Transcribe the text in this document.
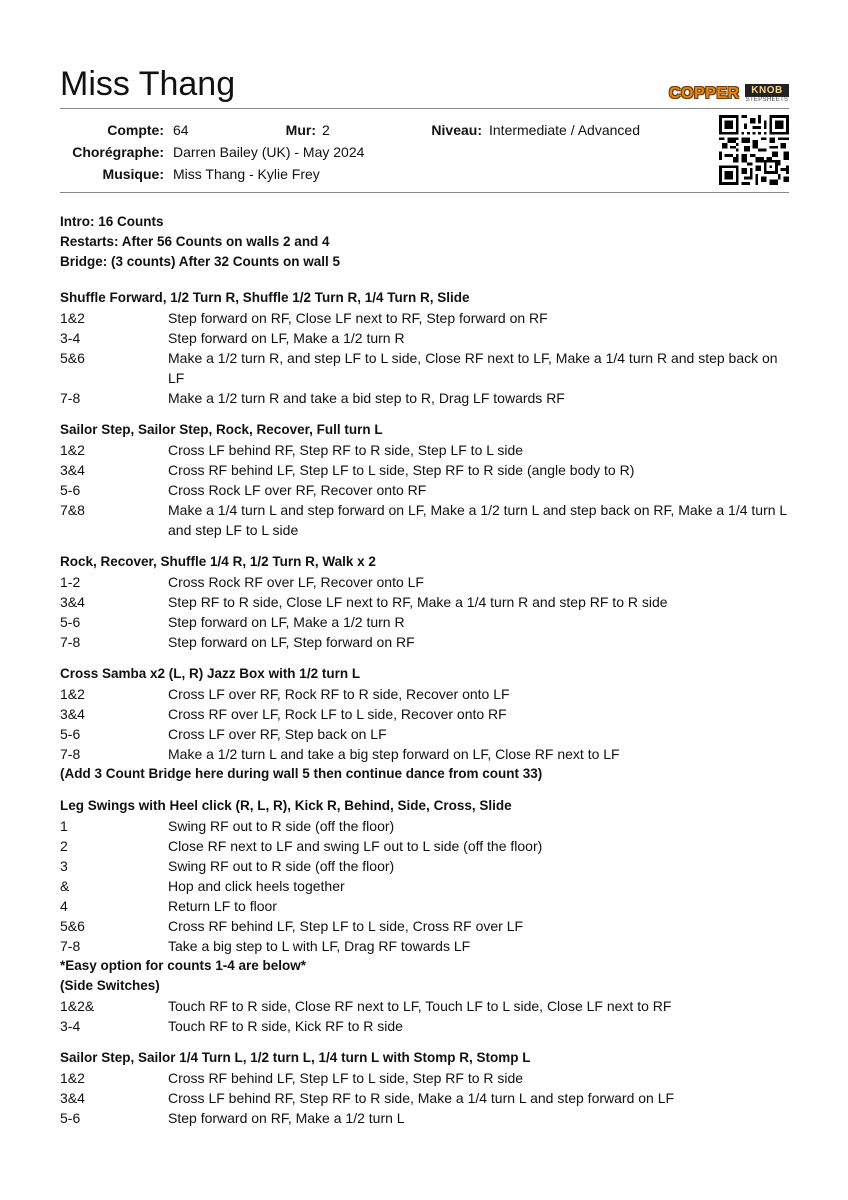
Miss Thang	COPPER	KNOB
STEPSHEETS
Compte: 64	Mur: 2	Niveau: Intermediate / Advanced
Chorégraphe: Darren Bailey (UK) - May 2024
Musique: Miss Thang - Kylie Frey
Intro: 16 Counts
Restarts: After 56 Counts on walls 2 and 4
Bridge: (3 counts) After 32 Counts on wall 5
Shuffle Forward, 1/2 Turn R, Shuffle 1/2 Turn R, 1/4 Turn R, Slide
1&2	Step forward on RF, Close LF next to RF, Step forward on RF
3-4	Step forward on LF, Make a 1/2 turn R
5&6	Make a 1/2 turn R, and step LF to L side, Close RF next to LF, Make a 1/4 turn R and step back on LF
7-8	Make a 1/2 turn R and take a bid step to R, Drag LF towards RF
Sailor Step, Sailor Step, Rock, Recover, Full turn L
1&2	Cross LF behind RF, Step RF to R side, Step LF to L side
3&4	Cross RF behind LF, Step LF to L side, Step RF to R side (angle body to R)
5-6	Cross Rock LF over RF, Recover onto RF
7&8	Make a 1/4 turn L and step forward on LF, Make a 1/2 turn L and step back on RF, Make a 1/4 turn L and step LF to L side
Rock, Recover, Shuffle 1/4 R, 1/2 Turn R, Walk x 2
1-2	Cross Rock RF over LF, Recover onto LF
3&4	Step RF to R side, Close LF next to RF, Make a 1/4 turn R and step RF to R side
5-6	Step forward on LF, Make a 1/2 turn R
7-8	Step forward on LF, Step forward on RF
Cross Samba x2 (L, R) Jazz Box with 1/2 turn L
1&2	Cross LF over RF, Rock RF to R side, Recover onto LF
3&4	Cross RF over LF, Rock LF to L side, Recover onto RF
5-6	Cross LF over RF, Step back on LF
7-8	Make a 1/2 turn L and take a big step forward on LF, Close RF next to LF
(Add 3 Count Bridge here during wall 5 then continue dance from count 33)
Leg Swings with Heel click (R, L, R), Kick R, Behind, Side, Cross, Slide
1	Swing RF out to R side (off the floor)
2	Close RF next to LF and swing LF out to L side (off the floor)
3	Swing RF out to R side (off the floor)
&	Hop and click heels together
4	Return LF to floor
5&6	Cross RF behind LF, Step LF to L side, Cross RF over LF
7-8	Take a big step to L with LF, Drag RF towards LF
*Easy option for counts 1-4 are below*
(Side Switches)
1&2&	Touch RF to R side, Close RF next to LF, Touch LF to L side, Close LF next to RF
3-4	Touch RF to R side, Kick RF to R side
Sailor Step, Sailor 1/4 Turn L, 1/2 turn L, 1/4 turn L with Stomp R, Stomp L
1&2	Cross RF behind LF, Step LF to L side, Step RF to R side
3&4	Cross LF behind RF, Step RF to R side, Make a 1/4 turn L and step forward on LF
5-6	Step forward on RF, Make a 1/2 turn L
